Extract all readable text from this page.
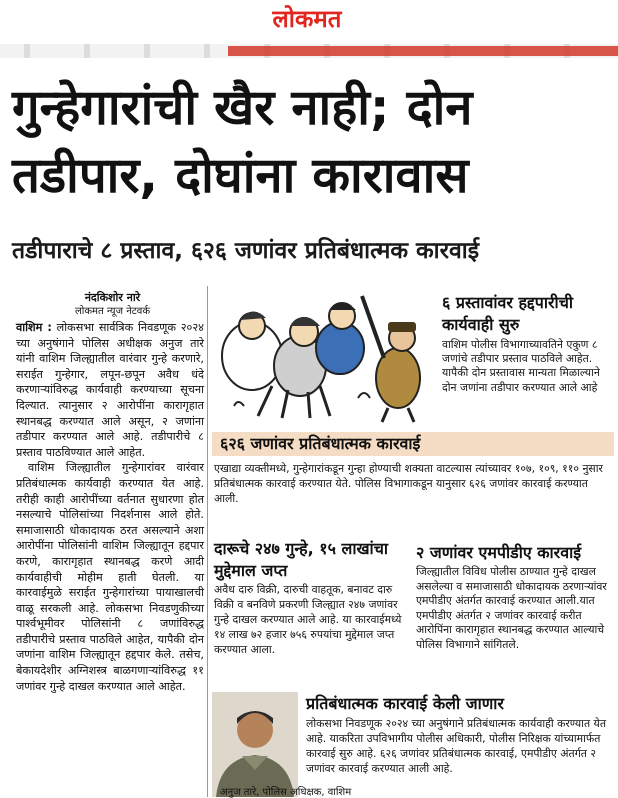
लोकमत
गुन्हेगारांची खैर नाही; दोन तडीपार, दोघांना कारावास
तडीपाराचे ८ प्रस्ताव, ६२६ जणांवर प्रतिबंधात्मक कारवाई
नंदकिशोर नारे
लोकमत न्यूज नेटवर्क

वाशिम : लोकसभा सार्वत्रिक निवडणूक २०२४ च्या अनुषंगाने पोलिस अधीक्षक अनुज तारे यांनी वाशिम जिल्ह्यातील वारंवार गुन्हे करणारे, सराईत गुन्हेगार, लपून-छपून अवैध धंदे करणाऱ्यांविरुद्ध कार्यवाही करण्याच्या सूचना दिल्यात. त्यानुसार २ आरोपींना कारागृहात स्थानबद्ध करण्यात आले असून, २ जणांना तडीपार करण्यात आले आहे. तडीपारीचे ८ प्रस्ताव पाठविण्यात आले आहेत.

वाशिम जिल्ह्यातील गुन्हेगारांवर वारंवार प्रतिबंधात्मक कार्यवाही करण्यात येत आहे. तरीही काही आरोपींच्या वर्तनात सुधारणा होत नसल्याचे पोलिसांच्या निदर्शनास आले होते. समाजासाठी धोकादायक ठरत असल्याने अशा आरोपींना पोलिसांनी वाशिम जिल्ह्यातून हद्दपार करणे, कारागृहात स्थानबद्ध करणे आदी कार्यवाहीची मोहीम हाती घेतली. या कारवाईमुळे सराईत गुन्हेगारांच्या पायाखालची वाळू सरकली आहे. लोकसभा निवडणुकीच्या पार्श्वभूमीवर पोलिसांनी ८ जणांविरुद्ध तडीपारीचे प्रस्ताव पाठविले आहेत, यापैकी दोन जणांना वाशिम जिल्ह्यातून हद्दपार केले. तसेच, बेकायदेशीर अग्निशस्त्र बाळगणाऱ्यांविरुद्ध ११ जणांवर गुन्हे दाखल करण्यात आले आहेत.

६ प्रस्तावांवर हद्दपारीची कार्यवाही सुरु
वाशिम पोलीस विभागाच्यावतिने एकुण ८ जणांचे तडीपार प्रस्ताव पाठविले आहेत. यापैकी दोन प्रस्तावास मान्यता मिळाल्याने दोन जणांना तडीपार करण्यात आले आहे
६२६ जणांवर प्रतिबंधात्मक कारवाई
एखाद्या व्यक्तीमध्ये, गुन्हेगारांकडून गुन्हा होण्याची शक्यता वाटल्यास त्यांच्यावर १०७, १०९, ११० नुसार प्रतिबंधात्मक कारवाई करण्यात येते. पोलिस विभागाकडून यानुसार ६२६ जणांवर कारवाई करण्यात आली.
दारूचे २४७ गुन्हे, १५ लाखांचा मुद्देमाल जप्त
अवैध दारु विक्री, दारुची वाहतूक, बनावट दारु विक्री व बनविणे प्रकरणी जिल्ह्यात २४७ जणांवर गुन्हे दाखल करण्यात आले आहे. या कारवाईमध्ये १४ लाख ७२ हजार ७५६ रुपयांचा मुद्देमाल जप्त करण्यात आला.
२ जणांवर एमपीडीए कारवाई
जिल्ह्यातील विविध पोलीस ठाण्यात गुन्हे दाखल असलेल्या व समाजासाठी धोकादायक ठरणाऱ्यांवर एमपीडीए अंतर्गत कारवाई करण्यात आली.यात एमपीडीए अंतर्गत २ जणांवर कारवाई करीत आरोपिंना कारागृहात स्थानबद्ध करण्यात आल्याचे पोलिस विभागाने सांगितले.
प्रतिबंधात्मक कारवाई केली जाणार
लोकसभा निवडणूक २०२४ च्या अनुषंगाने प्रतिबंधात्मक कार्यवाही करण्यात येत आहे. याकरिता उपविभागीय पोलीस अधिकारी, पोलीस निरिक्षक यांच्यामार्फत कारवाई सुरु आहे. ६२६ जणांवर प्रतिबंधात्मक कारवाई, एमपीडीए अंतर्गत २ जणांवर कारवाई करण्यात आली आहे.
अनुज तारे, पोलिस अधिक्षक, वाशिम
